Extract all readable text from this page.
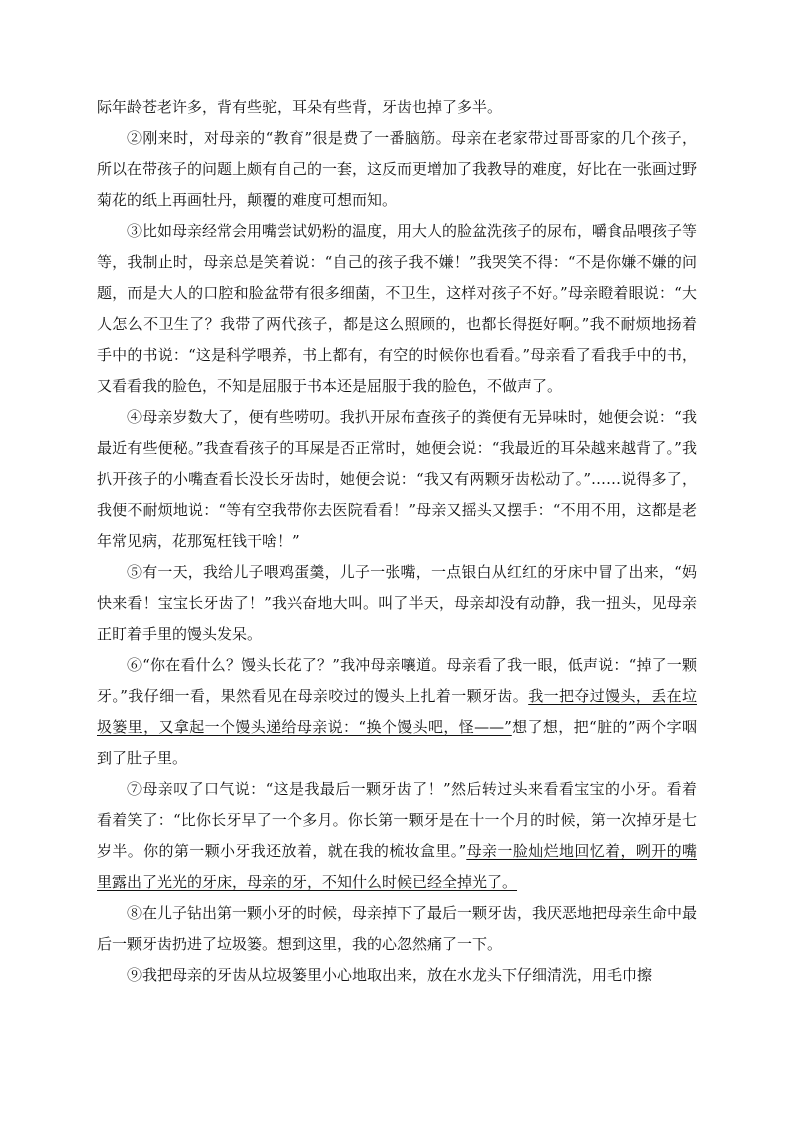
际年龄苍老许多，背有些驼，耳朵有些背，牙齿也掉了多半。

②刚来时，对母亲的“教育”很是费了一番脑筋。母亲在老家带过哥哥家的几个孩子，所以在带孩子的问题上颇有自己的一套，这反而更增加了我教导的难度，好比在一张画过野菊花的纸上再画牡丹，颠覆的难度可想而知。

③比如母亲经常会用嘴尝试奶粉的温度，用大人的脸盆洗孩子的尿布，嚼食品喂孩子等等，我制止时，母亲总是笑着说：“自己的孩子我不嫌！”我哭笑不得：“不是你嫌不嫌的问题，而是大人的口腔和脸盆带有很多细菌，不卫生，这样对孩子不好。”母亲瞪着眼说：“大人怎么不卫生了？我带了两代孩子，都是这么照顾的，也都长得挺好啊。”我不耐烦地扬着手中的书说：“这是科学喂养，书上都有，有空的时候你也看看。”母亲看了看我手中的书，又看看我的脸色，不知是屈服于书本还是屈服于我的脸色，不做声了。

④母亲岁数大了，便有些唠叨。我扒开尿布查孩子的粪便有无异味时，她便会说：“我最近有些便秘。”我查看孩子的耳屎是否正常时，她便会说：“我最近的耳朵越来越背了。”我扒开孩子的小嘴查看长没长牙齿时，她便会说：“我又有两颗牙齿松动了。”……说得多了，我便不耐烦地说：“等有空我带你去医院看看！”母亲又摇头又摆手：“不用不用，这都是老年常见病，花那冤枉钱干啥！”

⑤有一天，我给儿子喂鸡蛋羹，儿子一张嘴，一点银白从红红的牙床中冒了出来，“妈快来看！宝宝长牙齿了！”我兴奋地大叫。叫了半天，母亲却没有动静，我一扭头，见母亲正盯着手里的馒头发呆。

⑥“你在看什么？馒头长花了？”我冲母亲嚷道。母亲看了我一眼，低声说：“掉了一颗牙。”我仔细一看，果然看见在母亲咬过的馒头上扎着一颗牙齿。我一把夺过馒头，丢在垃圾篓里，又拿起一个馒头递给母亲说：“换个馒头吧，怪——”想了想，把“脏的”两个字咽到了肚子里。

⑦母亲叹了口气说：“这是我最后一颗牙齿了！”然后转过头来看看宝宝的小牙。看着看着笑了：“比你长牙早了一个多月。你长第一颗牙是在十一个月的时候，第一次掉牙是七岁半。你的第一颗小牙我还放着，就在我的梳妆盒里。”母亲一脸灿烂地回忆着，咧开的嘴里露出了光光的牙床，母亲的牙，不知什么时候已经全掉光了。

⑧在儿子钻出第一颗小牙的时候，母亲掉下了最后一颗牙齿，我厌恶地把母亲生命中最后一颗牙齿扔进了垃圾篓。想到这里，我的心忽然痛了一下。

⑨我把母亲的牙齿从垃圾篓里小心地取出来，放在水龙头下仔细清洗，用毛巾擦
